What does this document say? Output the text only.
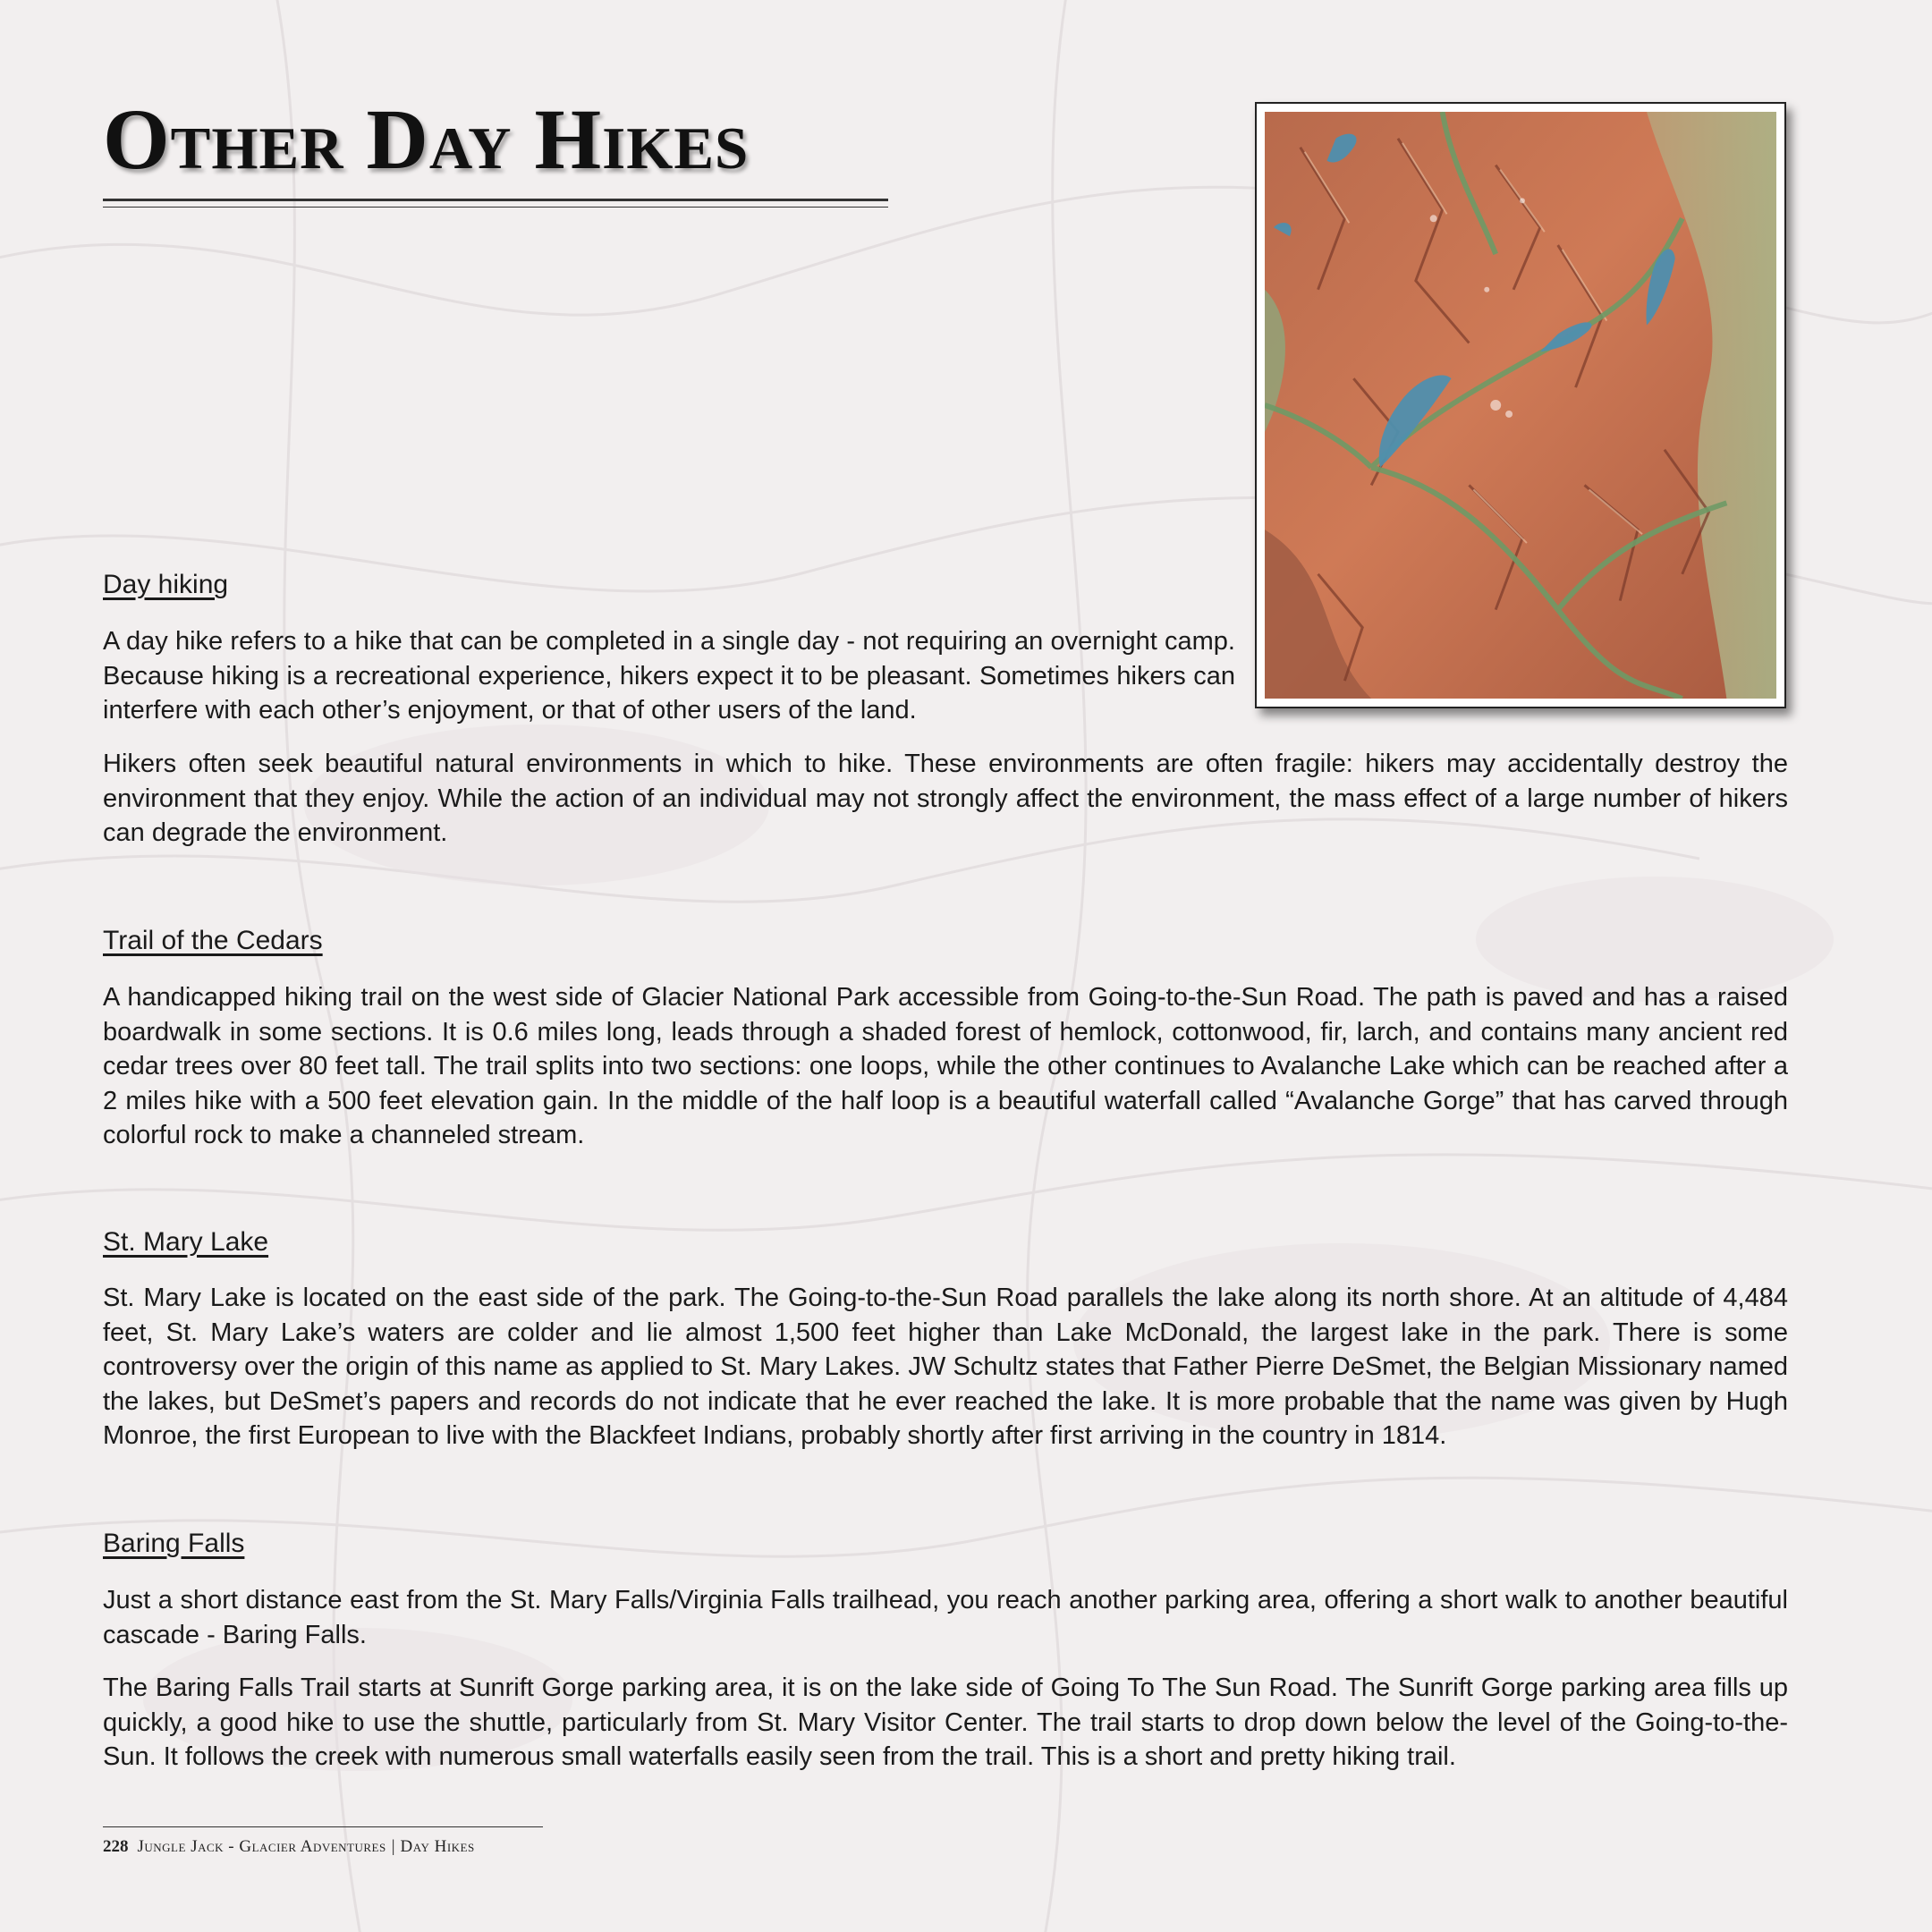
Other Day Hikes
Day hiking

A day hike refers to a hike that can be completed in a single day - not requiring an overnight camp. Because hiking is a recreational experience, hikers expect it to be pleasant. Sometimes hikers can interfere with each other’s enjoyment, or that of other users of the land.

Hikers often seek beautiful natural environments in which to hike. These environments are often fragile: hikers may accidentally destroy the environment that they enjoy. While the action of an individual may not strongly affect the environment, the mass effect of a large number of hikers can degrade the environment.

Trail of the Cedars

A handicapped hiking trail on the west side of Glacier National Park accessible from Going-to-the-Sun Road. The path is paved and has a raised boardwalk in some sections. It is 0.6 miles long, leads through a shaded forest of hemlock, cottonwood, fir, larch, and contains many ancient red cedar trees over 80 feet tall. The trail splits into two sections: one loops, while the other continues to Avalanche Lake which can be reached after a 2 miles hike with a 500 feet elevation gain. In the middle of the half loop is a beautiful waterfall called “Avalanche Gorge” that has carved through colorful rock to make a channeled stream.

St. Mary Lake

St. Mary Lake is located on the east side of the park. The Going-to-the-Sun Road parallels the lake along its north shore. At an altitude of 4,484 feet, St. Mary Lake’s waters are colder and lie almost 1,500 feet higher than Lake McDonald, the largest lake in the park. There is some controversy over the origin of this name as applied to St. Mary Lakes. JW Schultz states that Father Pierre DeSmet, the Belgian Missionary named the lakes, but DeSmet’s papers and records do not indicate that he ever reached the lake. It is more probable that the name was given by Hugh Monroe, the first European to live with the Blackfeet Indians, probably shortly after first arriving in the country in 1814.

Baring Falls

Just a short distance east from the St. Mary Falls/Virginia Falls trailhead, you reach another parking area, offering a short walk to another beautiful cascade - Baring Falls.

The Baring Falls Trail starts at Sunrift Gorge parking area, it is on the lake side of Going To The Sun Road. The Sunrift Gorge parking area fills up quickly, a good hike to use the shuttle, particularly from St. Mary Visitor Center. The trail starts to drop down below the level of the Going-to-the-Sun. It follows the creek with numerous small waterfalls easily seen from the trail. This is a short and pretty hiking trail.

228 Jungle Jack - Glacier Adventures | Day Hikes
